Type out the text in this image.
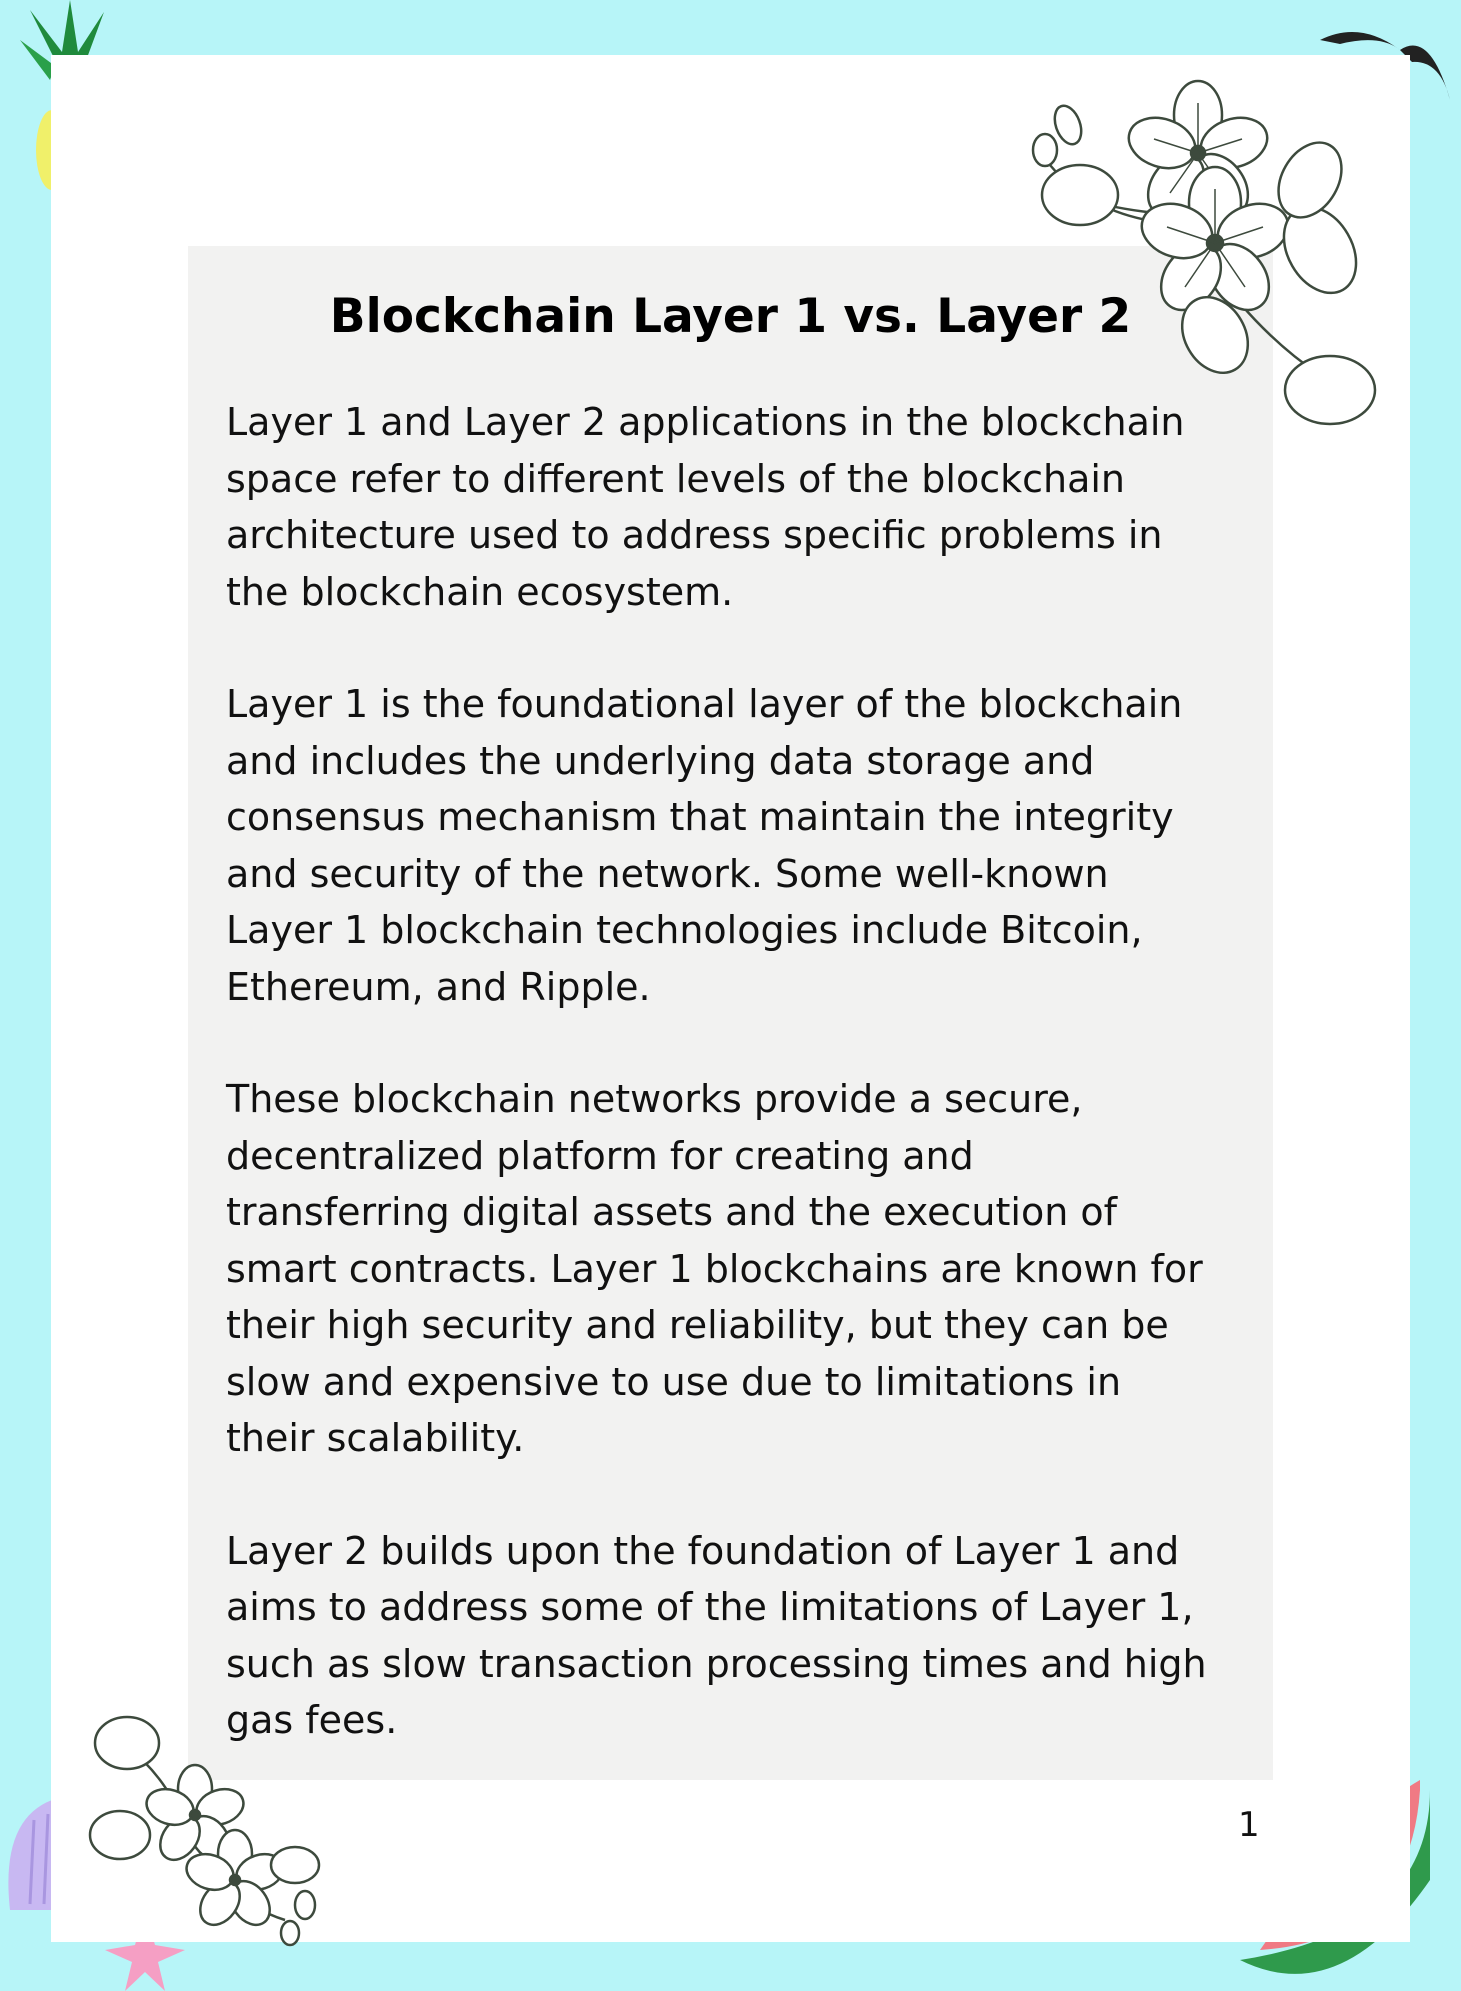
Blockchain Layer 1 vs. Layer 2

Layer 1 and Layer 2 applications in the blockchain
space refer to different levels of the blockchain
architecture used to address specific problems in
the blockchain ecosystem.

Layer 1 is the foundational layer of the blockchain
and includes the underlying data storage and
consensus mechanism that maintain the integrity
and security of the network. Some well-known
Layer 1 blockchain technologies include Bitcoin,
Ethereum, and Ripple.

These blockchain networks provide a secure,
decentralized platform for creating and
transferring digital assets and the execution of
smart contracts. Layer 1 blockchains are known for
their high security and reliability, but they can be
slow and expensive to use due to limitations in
their scalability.

Layer 2 builds upon the foundation of Layer 1 and
aims to address some of the limitations of Layer 1,
such as slow transaction processing times and high
gas fees.

1
